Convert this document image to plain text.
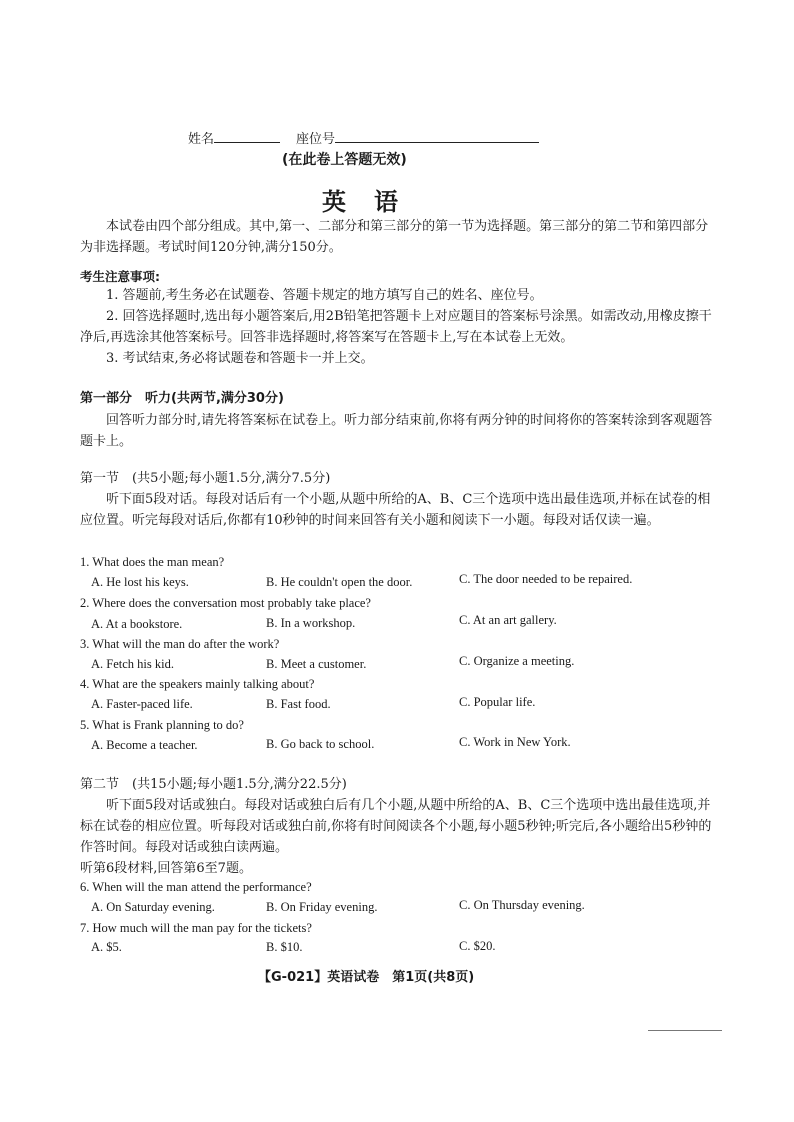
姓名	座位号
(在此卷上答题无效)
英语
本试卷由四个部分组成。其中,第一、二部分和第三部分的第一节为选择题。第三部分的第二节和第四部分为非选择题。考试时间120分钟,满分150分。
考生注意事项:
1. 答题前,考生务必在试题卷、答题卡规定的地方填写自己的姓名、座位号。
2. 回答选择题时,选出每小题答案后,用2B铅笔把答题卡上对应题目的答案标号涂黑。如需改动,用橡皮擦干净后,再选涂其他答案标号。回答非选择题时,将答案写在答题卡上,写在本试卷上无效。
3. 考试结束,务必将试题卷和答题卡一并上交。
第一部分　听力(共两节,满分30分)
回答听力部分时,请先将答案标在试卷上。听力部分结束前,你将有两分钟的时间将你的答案转涂到客观题答题卡上。
第一节　(共5小题;每小题1.5分,满分7.5分)
听下面5段对话。每段对话后有一个小题,从题中所给的A、B、C三个选项中选出最佳选项,并标在试卷的相应位置。听完每段对话后,你都有10秒钟的时间来回答有关小题和阅读下一小题。每段对话仅读一遍。
1. What does the man mean?
A. He lost his keys.	B. He couldn't open the door.	C. The door needed to be repaired.
2. Where does the conversation most probably take place?
A. At a bookstore.	B. In a workshop.	C. At an art gallery.
3. What will the man do after the work?
A. Fetch his kid.	B. Meet a customer.	C. Organize a meeting.
4. What are the speakers mainly talking about?
A. Faster-paced life.	B. Fast food.	C. Popular life.
5. What is Frank planning to do?
A. Become a teacher.	B. Go back to school.	C. Work in New York.
第二节　(共15小题;每小题1.5分,满分22.5分)
听下面5段对话或独白。每段对话或独白后有几个小题,从题中所给的A、B、C三个选项中选出最佳选项,并标在试卷的相应位置。听每段对话或独白前,你将有时间阅读各个小题,每小题5秒钟;听完后,各小题给出5秒钟的作答时间。每段对话或独白读两遍。
听第6段材料,回答第6至7题。
6. When will the man attend the performance?
A. On Saturday evening.	B. On Friday evening.	C. On Thursday evening.
7. How much will the man pay for the tickets?
A. $5.	B. $10.	C. $20.
【G-021】英语试卷　第1页(共8页)
